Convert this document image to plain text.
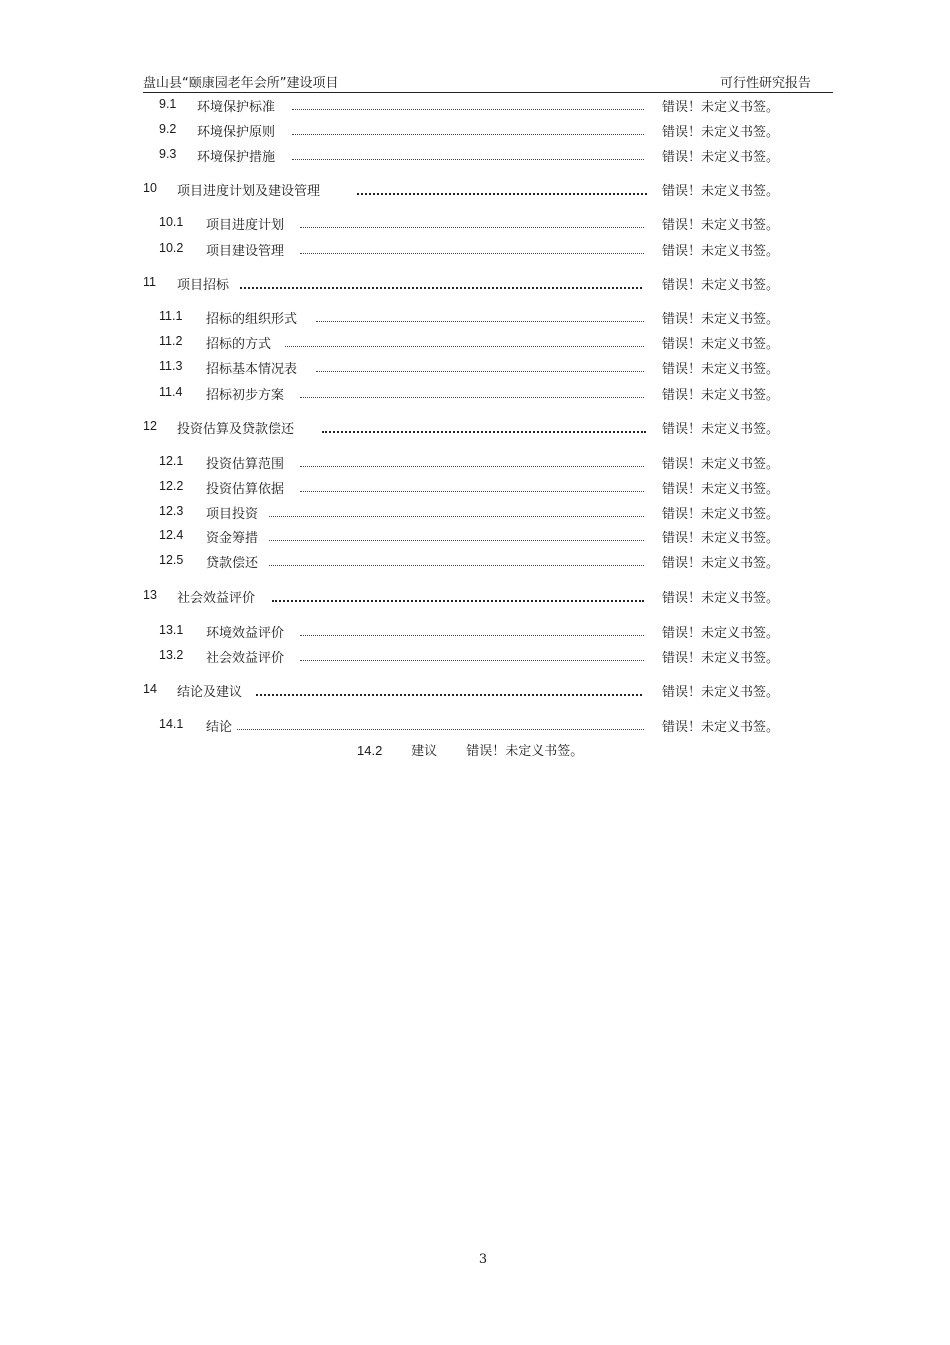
盘山县“颐康园老年会所”建设项目	可行性研究报告
9.1 环境保护标准	错误！未定义书签。
9.2 环境保护原则	错误！未定义书签。
9.3 环境保护措施	错误！未定义书签。
10 项目进度计划及建设管理	错误！未定义书签。
10.1 项目进度计划	错误！未定义书签。
10.2 项目建设管理	错误！未定义书签。
11 项目招标	错误！未定义书签。
11.1 招标的组织形式	错误！未定义书签。
11.2 招标的方式	错误！未定义书签。
11.3 招标基本情况表	错误！未定义书签。
11.4 招标初步方案	错误！未定义书签。
12 投资估算及贷款偿还	错误！未定义书签。
12.1 投资估算范围	错误！未定义书签。
12.2 投资估算依据	错误！未定义书签。
12.3 项目投资	错误！未定义书签。
12.4 资金筹措	错误！未定义书签。
12.5 贷款偿还	错误！未定义书签。
13 社会效益评价	错误！未定义书签。
13.1 环境效益评价	错误！未定义书签。
13.2 社会效益评价	错误！未定义书签。
14 结论及建议	错误！未定义书签。
14.1 结论	错误！未定义书签。
14.2 建议 错误！未定义书签。
3
